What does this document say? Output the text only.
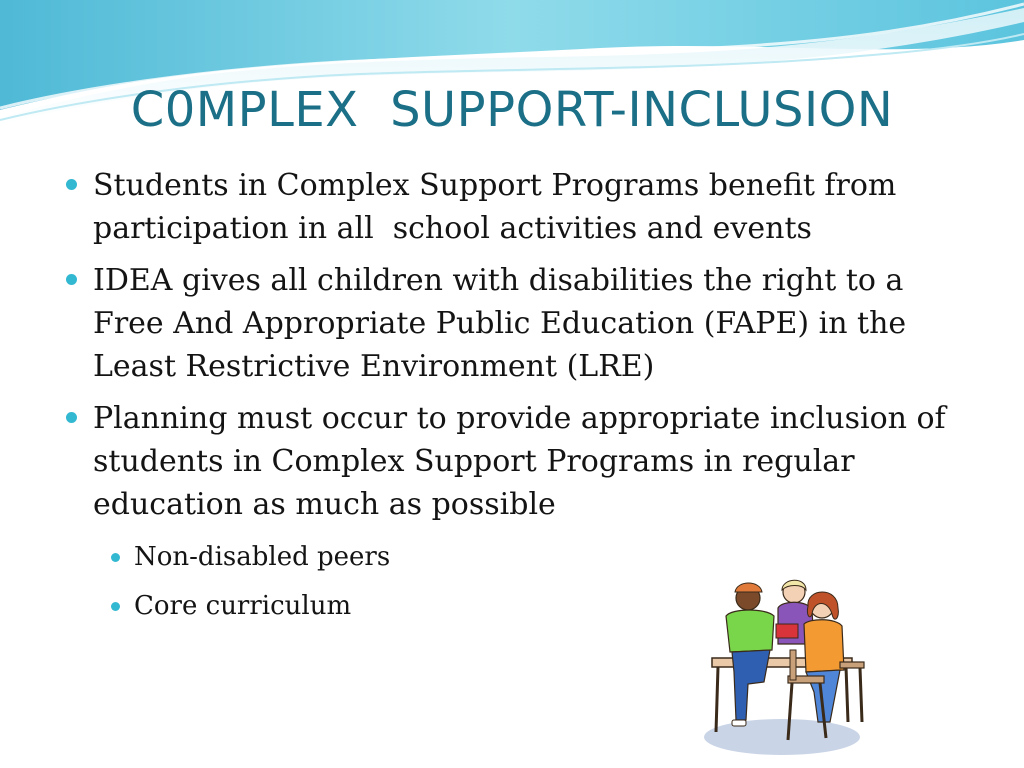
C0MPLEX  SUPPORT-INCLUSION
Students in Complex Support Programs benefit from participation in all  school activities and events
IDEA gives all children with disabilities the right to a Free And Appropriate Public Education (FAPE) in the Least Restrictive Environment (LRE)
Planning must occur to provide appropriate inclusion of students in Complex Support Programs in regular education as much as possible
Non-disabled peers
Core curriculum
